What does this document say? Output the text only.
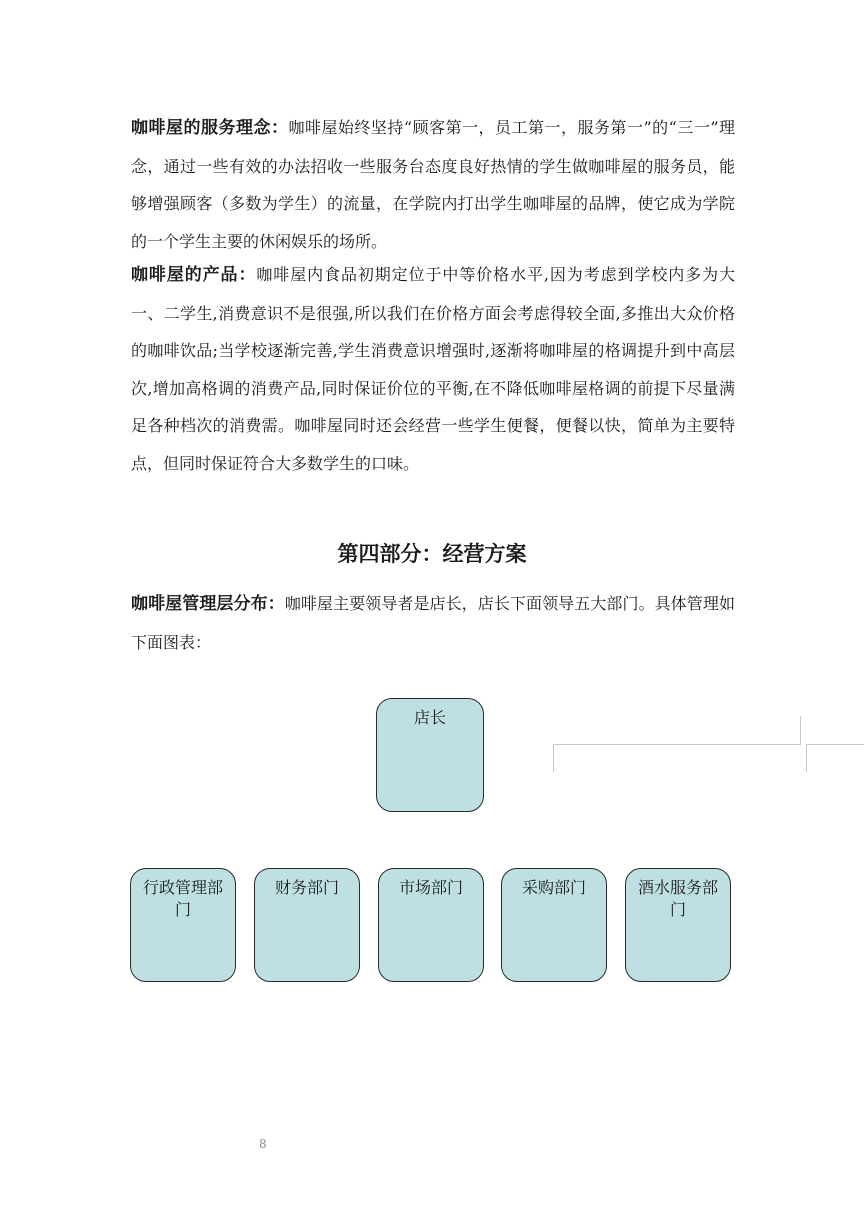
咖啡屋的服务理念：咖啡屋始终坚持“顾客第一，员工第一，服务第一”的“三一”理念，通过一些有效的办法招收一些服务台态度良好热情的学生做咖啡屋的服务员，能够增强顾客（多数为学生）的流量，在学院内打出学生咖啡屋的品牌，使它成为学院的一个学生主要的休闲娱乐的场所。

咖啡屋的产品：咖啡屋内食品初期定位于中等价格水平,因为考虑到学校内多为大一、二学生,消费意识不是很强,所以我们在价格方面会考虑得较全面,多推出大众价格的咖啡饮品;当学校逐渐完善,学生消费意识增强时,逐渐将咖啡屋的格调提升到中高层次,增加高格调的消费产品,同时保证价位的平衡,在不降低咖啡屋格调的前提下尽量满足各种档次的消费需。咖啡屋同时还会经营一些学生便餐，便餐以快，简单为主要特点，但同时保证符合大多数学生的口味。

第四部分：经营方案

咖啡屋管理层分布：咖啡屋主要领导者是店长，店长下面领导五大部门。具体管理如下面图表：

店长
行政管理部门
财务部门	市场部门	采购部门	酒水服务部门

8
